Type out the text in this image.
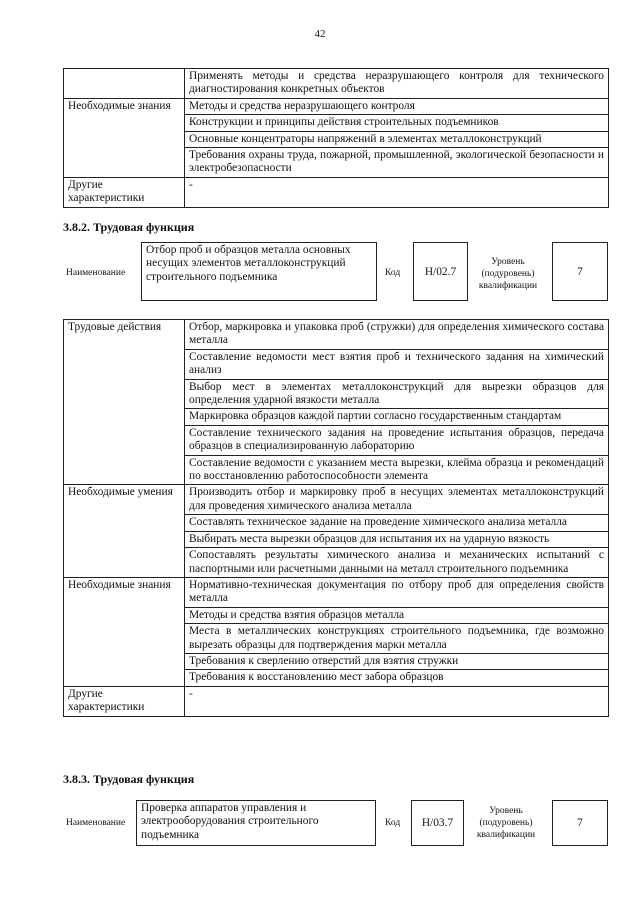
42
	Применять методы и средства неразрушающего контроля для технического диагностирования конкретных объектов
Необходимые знания	Методы и средства неразрушающего контроля
	Конструкции и принципы действия строительных подъемников
	Основные концентраторы напряжений в элементах металлоконструкций
	Требования охраны труда, пожарной, промышленной, экологической безопасности и электробезопасности
Другие характеристики	-
3.8.2. Трудовая функция
Наименование
Отбор проб и образцов металла основных несущих элементов металлоконструкций строительного подъемника	Код H/02.7
Уровень (подуровень) квалификации
7
Трудовые действия	Отбор, маркировка и упаковка проб (стружки) для определения химического состава металла
	Составление ведомости мест взятия проб и технического задания на химический анализ
	Выбор мест в элементах металлоконструкций для вырезки образцов для определения ударной вязкости металла
	Маркировка образцов каждой партии согласно государственным стандартам
	Составление технического задания на проведение испытания образцов, передача образцов в специализированную лабораторию
	Составление ведомости с указанием места вырезки, клейма образца и рекомендаций по восстановлению работоспособности элемента
Необходимые умения	Производить отбор и маркировку проб в несущих элементах металлоконструкций для проведения химического анализа металла
	Составлять техническое задание на проведение химического анализа металла
	Выбирать места вырезки образцов для испытания их на ударную вязкость
	Сопоставлять результаты химического анализа и механических испытаний с паспортными или расчетными данными на металл строительного подъемника
Необходимые знания	Нормативно-техническая документация по отбору проб для определения свойств металла
	Методы и средства взятия образцов металла
	Места в металлических конструкциях строительного подъемника, где возможно вырезать образцы для подтверждения марки металла
	Требования к сверлению отверстий для взятия стружки
	Требования к восстановлению мест забора образцов
Другие характеристики	-
3.8.3. Трудовая функция
Наименование
Проверка аппаратов управления и электрооборудования строительного подъемника
Код H/03.7
Уровень (подуровень) квалификации
7
